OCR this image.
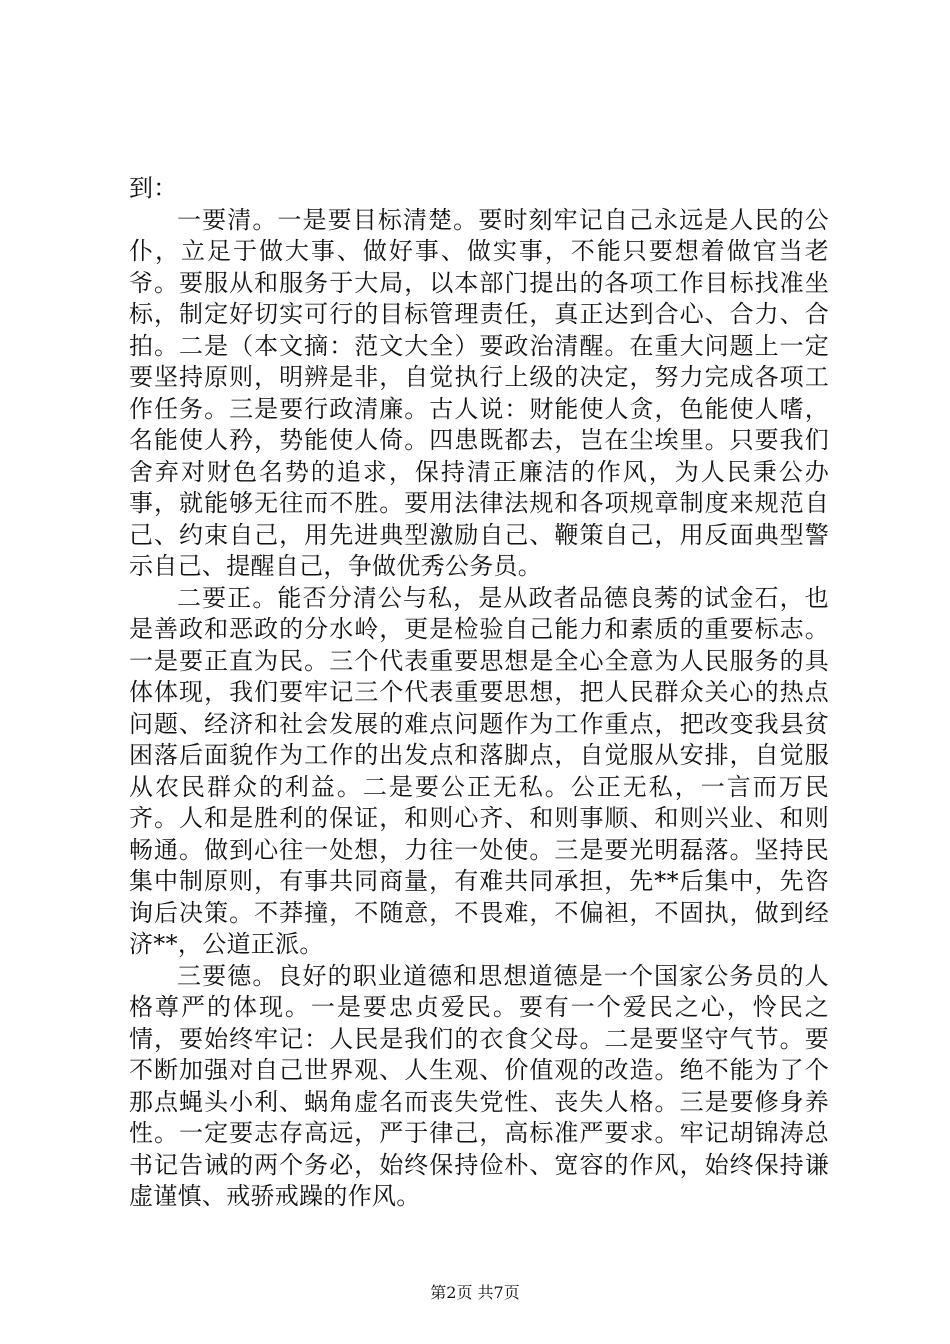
到：

一要清。一是要目标清楚。要时刻牢记自己永远是人民的公仆，立足于做大事、做好事、做实事，不能只要想着做官当老爷。要服从和服务于大局，以本部门提出的各项工作目标找准坐标，制定好切实可行的目标管理责任，真正达到合心、合力、合拍。二是（本文摘：范文大全）要政治清醒。在重大问题上一定要坚持原则，明辨是非，自觉执行上级的决定，努力完成各项工作任务。三是要行政清廉。古人说：财能使人贪，色能使人嗜，名能使人矜，势能使人倚。四患既都去，岂在尘埃里。只要我们舍弃对财色名势的追求，保持清正廉洁的作风，为人民秉公办事，就能够无往而不胜。要用法律法规和各项规章制度来规范自己、约束自己，用先进典型激励自己、鞭策自己，用反面典型警示自己、提醒自己，争做优秀公务员。

二要正。能否分清公与私，是从政者品德良莠的试金石，也是善政和恶政的分水岭，更是检验自己能力和素质的重要标志。一是要正直为民。三个代表重要思想是全心全意为人民服务的具体体现，我们要牢记三个代表重要思想，把人民群众关心的热点问题、经济和社会发展的难点问题作为工作重点，把改变我县贫困落后面貌作为工作的出发点和落脚点，自觉服从安排，自觉服从农民群众的利益。二是要公正无私。公正无私，一言而万民齐。人和是胜利的保证，和则心齐、和则事顺、和则兴业、和则畅通。做到心往一处想，力往一处使。三是要光明磊落。坚持民集中制原则，有事共同商量，有难共同承担，先**后集中，先咨询后决策。不莽撞，不随意，不畏难，不偏袒，不固执，做到经济**，公道正派。

三要德。良好的职业道德和思想道德是一个国家公务员的人格尊严的体现。一是要忠贞爱民。要有一个爱民之心，怜民之情，要始终牢记：人民是我们的衣食父母。二是要坚守气节。要不断加强对自己世界观、人生观、价值观的改造。绝不能为了个那点蝇头小利、蜗角虚名而丧失党性、丧失人格。三是要修身养性。一定要志存高远，严于律己，高标准严要求。牢记胡锦涛总书记告诫的两个务必，始终保持俭朴、宽容的作风，始终保持谦虚谨慎、戒骄戒躁的作风。

第2页 共7页
